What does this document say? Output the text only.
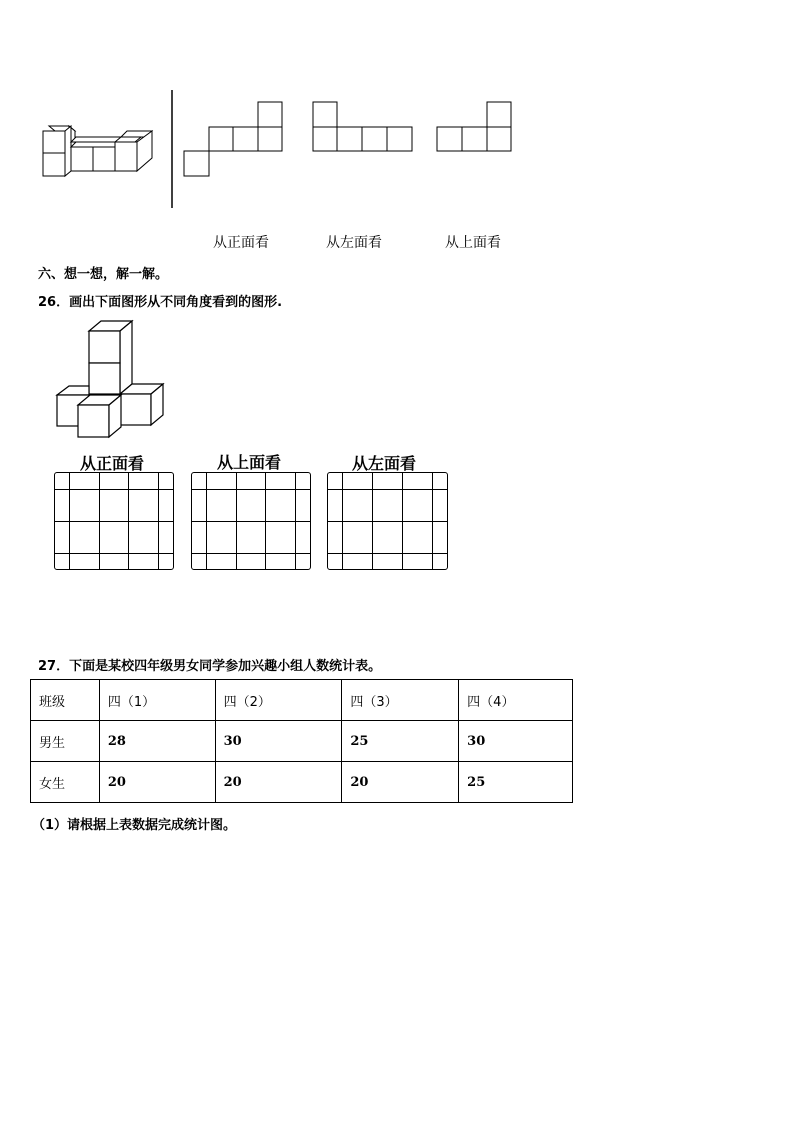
从正面看	从左面看	从上面看
六、想一想，解一解。
26．画出下面图形从不同角度看到的图形.
从正面看	从上面看	从左面看

27．下面是某校四年级男女同学参加兴趣小组人数统计表。
班级	四（1）	四（2）	四（3）	四（4）
男生	28	30	25	30
女生	20	20	20	25
（1）请根据上表数据完成统计图。
